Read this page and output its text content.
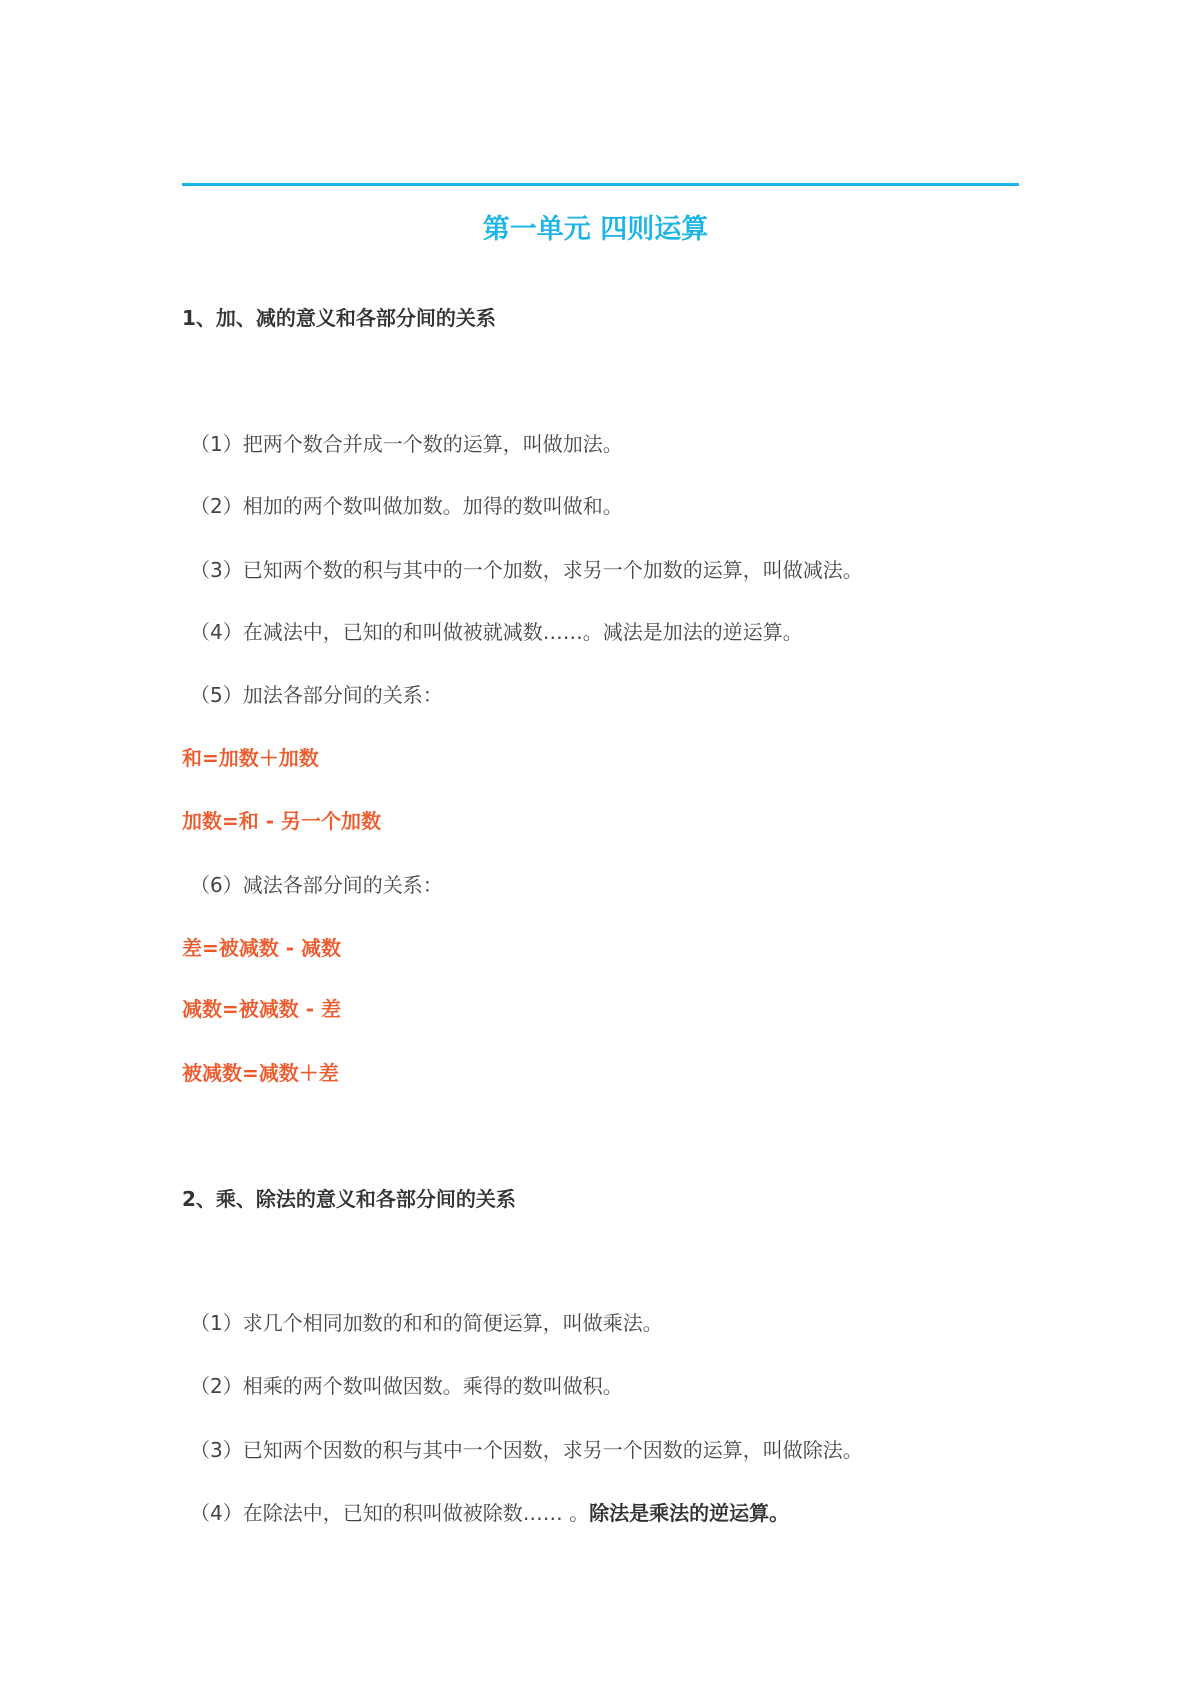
第一单元 四则运算
1、加、减的意义和各部分间的关系
（1）把两个数合并成一个数的运算，叫做加法。
（2）相加的两个数叫做加数。加得的数叫做和。
（3）已知两个数的积与其中的一个加数，求另一个加数的运算，叫做减法。
（4）在减法中，已知的和叫做被就减数……。减法是加法的逆运算。
（5）加法各部分间的关系：
和=加数＋加数
加数=和 - 另一个加数
（6）减法各部分间的关系：
差=被减数 - 减数
减数=被减数 - 差
被减数=减数＋差
2、乘、除法的意义和各部分间的关系
（1）求几个相同加数的和和的简便运算，叫做乘法。
（2）相乘的两个数叫做因数。乘得的数叫做积。
（3）已知两个因数的积与其中一个因数，求另一个因数的运算，叫做除法。
（4）在除法中，已知的积叫做被除数…… 。除法是乘法的逆运算。
